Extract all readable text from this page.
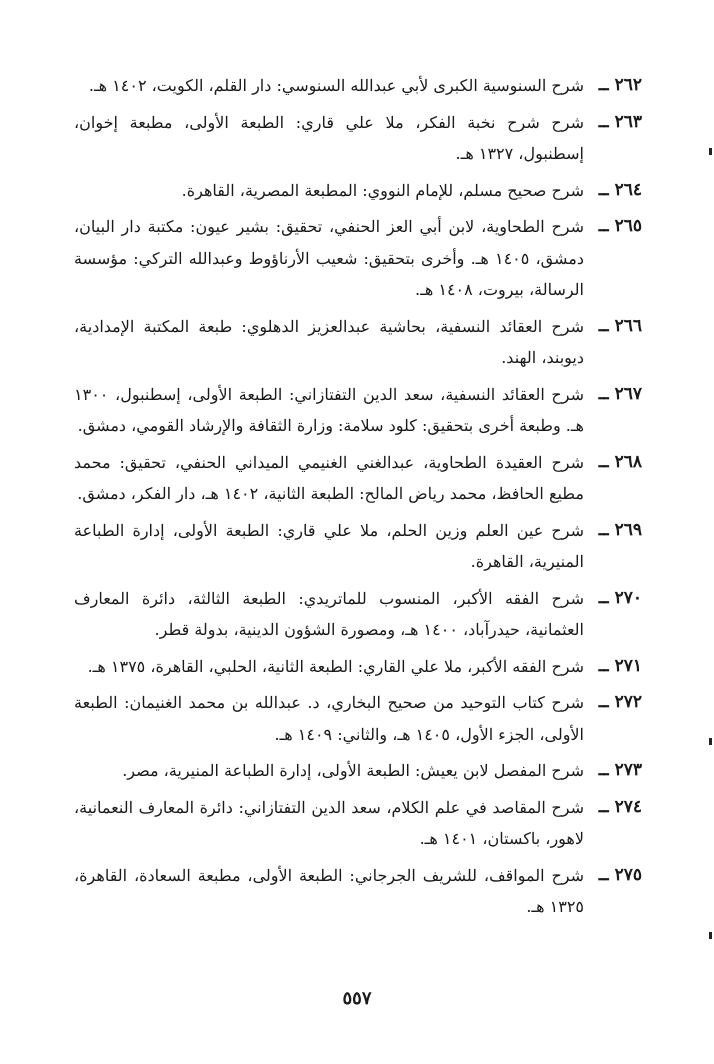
٢٦٢ ــ
شرح السنوسية الكبرى لأبي عبدالله السنوسي: دار القلم، الكويت، ١٤٠٢ هـ.
٢٦٣ ــ
شرح شرح نخبة الفكر، ملا علي قاري: الطبعة الأولى، مطبعة إخوان، إسطنبول، ١٣٢٧ هـ.
٢٦٤ ــ
شرح صحيح مسلم، للإمام النووي: المطبعة المصرية، القاهرة.
٢٦٥ ــ
شرح الطحاوية، لابن أبي العز الحنفي، تحقيق: بشير عيون: مكتبة دار البيان، دمشق، ١٤٠٥ هـ. وأخرى بتحقيق: شعيب الأرناؤوط وعبدالله التركي: مؤسسة الرسالة، بيروت، ١٤٠٨ هـ.
٢٦٦ ــ
شرح العقائد النسفية، بحاشية عبدالعزيز الدهلوي: طبعة المكتبة الإمدادية، ديوبند، الهند.
٢٦٧ ــ
شرح العقائد النسفية، سعد الدين التفتازاني: الطبعة الأولى، إسطنبول، ١٣٠٠ هـ. وطبعة أخرى بتحقيق: كلود سلامة: وزارة الثقافة والإرشاد القومي، دمشق.
٢٦٨ ــ
شرح العقيدة الطحاوية، عبدالغني الغنيمي الميداني الحنفي، تحقيق: محمد مطيع الحافظ، محمد رياض المالح: الطبعة الثانية، ١٤٠٢ هـ، دار الفكر، دمشق.
٢٦٩ ــ
شرح عين العلم وزين الحلم، ملا علي قاري: الطبعة الأولى، إدارة الطباعة المنيرية، القاهرة.
٢٧٠ ــ
شرح الفقه الأكبر، المنسوب للماتريدي: الطبعة الثالثة، دائرة المعارف العثمانية، حيدرآباد، ١٤٠٠ هـ، ومصورة الشؤون الدينية، بدولة قطر.
٢٧١ ــ
شرح الفقه الأكبر، ملا علي القاري: الطبعة الثانية، الحلبي، القاهرة، ١٣٧٥ هـ.
٢٧٢ ــ
شرح كتاب التوحيد من صحيح البخاري، د. عبدالله بن محمد الغنيمان: الطبعة الأولى، الجزء الأول، ١٤٠٥ هـ، والثاني: ١٤٠٩ هـ.
٢٧٣ ــ
شرح المفصل لابن يعيش: الطبعة الأولى، إدارة الطباعة المنيرية، مصر.
٢٧٤ ــ
شرح المقاصد في علم الكلام، سعد الدين التفتازاني: دائرة المعارف النعمانية، لاهور، باكستان، ١٤٠١ هـ.
٢٧٥ ــ
شرح المواقف، للشريف الجرجاني: الطبعة الأولى، مطبعة السعادة، القاهرة، ١٣٢٥ هـ.
٥٥٧
